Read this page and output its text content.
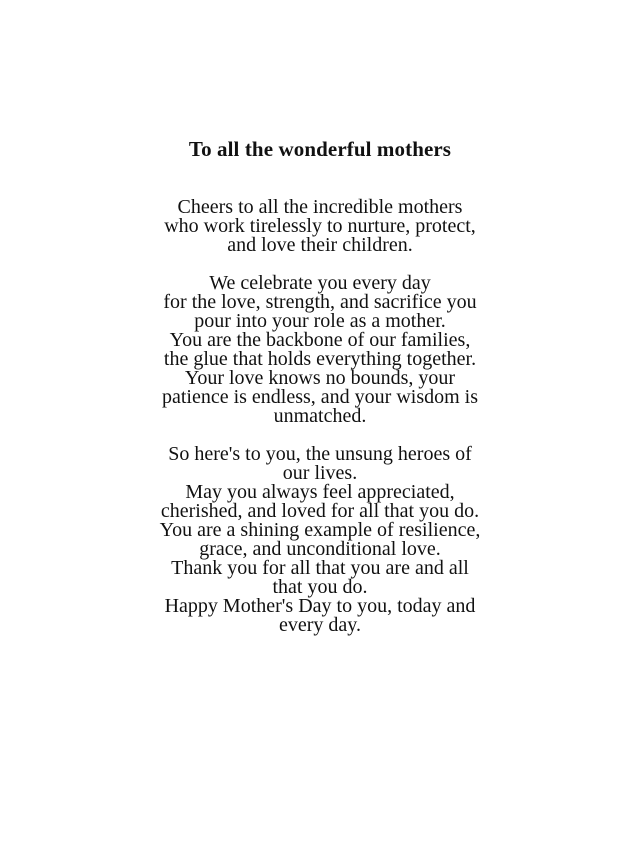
To all the wonderful mothers
Cheers to all the incredible mothers
who work tirelessly to nurture, protect,
and love their children.
We celebrate you every day
for the love, strength, and sacrifice you
pour into your role as a mother.
You are the backbone of our families,
the glue that holds everything together.
Your love knows no bounds, your
patience is endless, and your wisdom is
unmatched.
So here's to you, the unsung heroes of
our lives.
May you always feel appreciated,
cherished, and loved for all that you do.
You are a shining example of resilience,
grace, and unconditional love.
Thank you for all that you are and all
that you do.
Happy Mother's Day to you, today and
every day.
